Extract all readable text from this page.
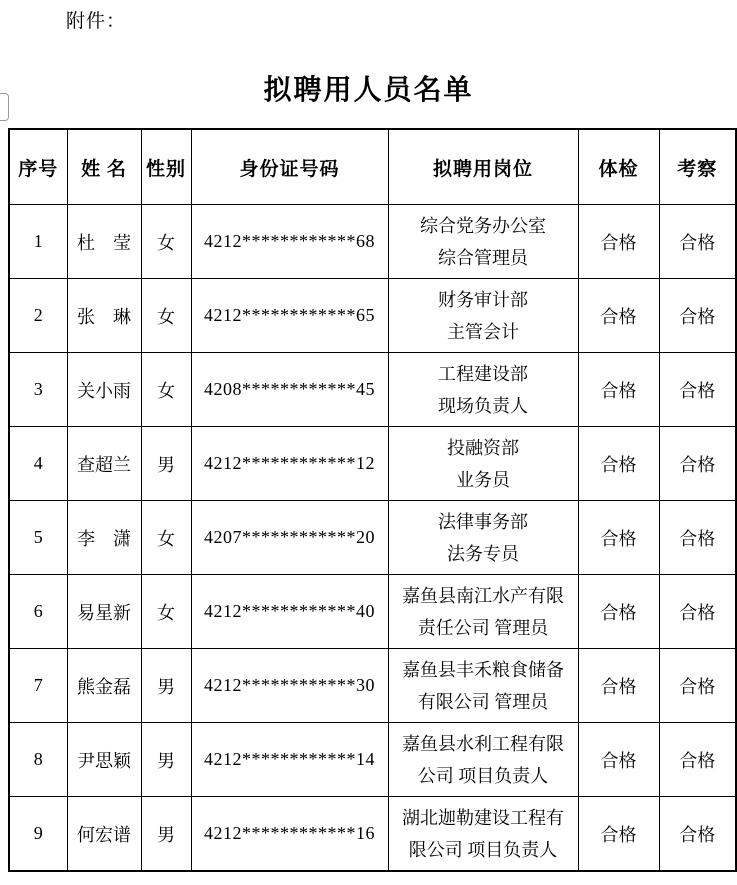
附件：
拟聘用人员名单
序号	姓 名	性别	身份证号码	拟聘用岗位	体检	考察
1	杜　莹	女	4212************68	综合党务办公室
综合管理员	合格	合格
2	张　琳	女	4212************65	财务审计部
主管会计	合格	合格
3	关小雨	女	4208************45	工程建设部
现场负责人	合格	合格
4	查超兰	男	4212************12	投融资部
业务员	合格	合格
5	李　潇	女	4207************20	法律事务部
法务专员	合格	合格
6	易星新	女	4212************40	嘉鱼县南江水产有限
责任公司 管理员	合格	合格
7	熊金磊	男	4212************30	嘉鱼县丰禾粮食储备
有限公司 管理员	合格	合格
8	尹思颖	男	4212************14	嘉鱼县水利工程有限
公司 项目负责人	合格	合格
9	何宏谱	男	4212************16	湖北迦勒建设工程有
限公司 项目负责人	合格	合格
